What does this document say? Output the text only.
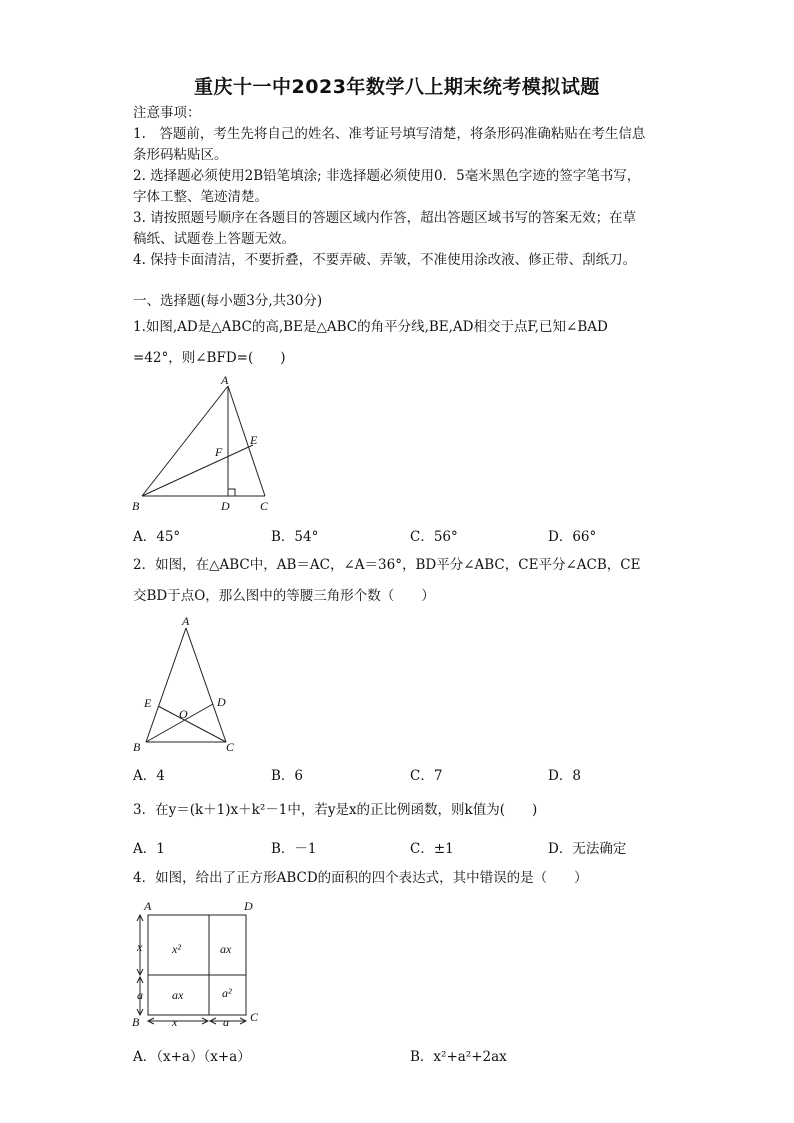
重庆十一中2023年数学八上期末统考模拟试题
注意事项：
1.　答题前，考生先将自己的姓名、准考证号填写清楚，将条形码准确粘贴在考生信息
条形码粘贴区。
2. 选择题必须使用2B铅笔填涂; 非选择题必须使用0．5毫米黑色字迹的签字笔书写，
字体工整、笔迹清楚。
3. 请按照题号顺序在各题目的答题区域内作答，超出答题区域书写的答案无效；在草
稿纸、试题卷上答题无效。
4. 保持卡面清洁，不要折叠，不要弄破、弄皱，不准使用涂改液、修正带、刮纸刀。
一、选择题(每小题3分,共30分)
1.如图,AD是△ABC的高,BE是△ABC的角平分线,BE,AD相交于点F,已知∠BAD
=42°，则∠BFD=(　　)
A
B	C
D
E
F
A．45°	B．54°	C．56°	D．66°
2．如图，在△ABC中，AB＝AC，∠A＝36°，BD平分∠ABC，CE平分∠ACB，CE
交BD于点O，那么图中的等腰三角形个数（　　）
A
B	C
D
E
O
A．4	B．6	C．7	D．8
3．在y＝(k＋1)x＋k²－1中，若y是x的正比例函数，则k值为(　　)
A．1	B．－1	C．±1	D．无法确定
4．如图，给出了正方形ABCD的面积的四个表达式，其中错误的是（　　）
A	D
B	C
x²	ax
ax	a²
x
a
x	a
A．（x+a）（x+a）	B．x²+a²+2ax
